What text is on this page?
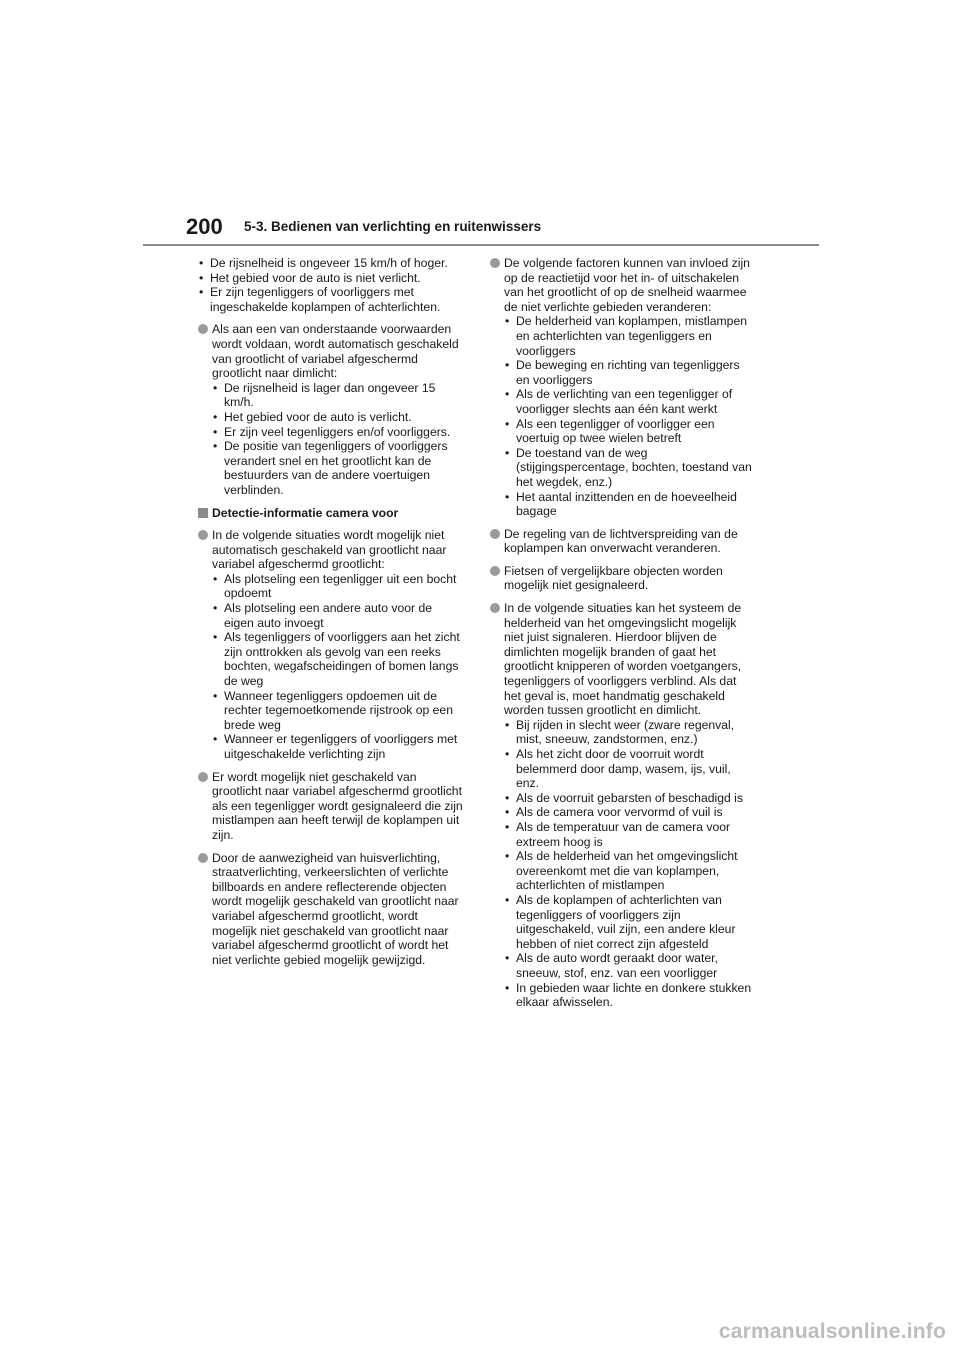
200 5-3. Bedienen van verlichting en ruitenwissers
• De rijsnelheid is ongeveer 15 km/h of hoger.
• Het gebied voor de auto is niet verlicht.
• Er zijn tegenliggers of voorliggers met ingeschakelde koplampen of achterlichten.

Als aan een van onderstaande voorwaarden wordt voldaan, wordt automatisch geschakeld van grootlicht of variabel afgeschermd grootlicht naar dimlicht:

• De rijsnelheid is lager dan ongeveer 15 km/h.
• Het gebied voor de auto is verlicht.
• Er zijn veel tegenliggers en/of voorliggers.
• De positie van tegenliggers of voorliggers verandert snel en het grootlicht kan de bestuurders van de andere voertuigen verblinden.

Detectie-informatie camera voor

In de volgende situaties wordt mogelijk niet automatisch geschakeld van grootlicht naar variabel afgeschermd grootlicht:

• Als plotseling een tegenligger uit een bocht opdoemt
• Als plotseling een andere auto voor de eigen auto invoegt
• Als tegenliggers of voorliggers aan het zicht zijn onttrokken als gevolg van een reeks bochten, wegafscheidingen of bomen langs de weg
• Wanneer tegenliggers opdoemen uit de rechter tegemoetkomende rijstrook op een brede weg
• Wanneer er tegenliggers of voorliggers met uitgeschakelde verlichting zijn

Er wordt mogelijk niet geschakeld van grootlicht naar variabel afgeschermd grootlicht als een tegenligger wordt gesignaleerd die zijn mistlampen aan heeft terwijl de koplampen uit zijn.

Door de aanwezigheid van huisverlichting, straatverlichting, verkeerslichten of verlichte billboards en andere reflecterende objecten wordt mogelijk geschakeld van grootlicht naar variabel afgeschermd grootlicht, wordt mogelijk niet geschakeld van grootlicht naar variabel afgeschermd grootlicht of wordt het niet verlichte gebied mogelijk gewijzigd.

De volgende factoren kunnen van invloed zijn op de reactietijd voor het in- of uitschakelen van het grootlicht of op de snelheid waarmee de niet verlichte gebieden veranderen:

• De helderheid van koplampen, mistlampen en achterlichten van tegenliggers en voorliggers
• De beweging en richting van tegenliggers en voorliggers
• Als de verlichting van een tegenligger of voorligger slechts aan één kant werkt
• Als een tegenligger of voorligger een voertuig op twee wielen betreft
• De toestand van de weg (stijgingspercentage, bochten, toestand van het wegdek, enz.)
• Het aantal inzittenden en de hoeveelheid bagage

De regeling van de lichtverspreiding van de koplampen kan onverwacht veranderen.

Fietsen of vergelijkbare objecten worden mogelijk niet gesignaleerd.

In de volgende situaties kan het systeem de helderheid van het omgevingslicht mogelijk niet juist signaleren. Hierdoor blijven de dimlichten mogelijk branden of gaat het grootlicht knipperen of worden voetgangers, tegenliggers of voorliggers verblind. Als dat het geval is, moet handmatig geschakeld worden tussen grootlicht en dimlicht.

• Bij rijden in slecht weer (zware regenval, mist, sneeuw, zandstormen, enz.)
• Als het zicht door de voorruit wordt belemmerd door damp, wasem, ijs, vuil, enz.
• Als de voorruit gebarsten of beschadigd is
• Als de camera voor vervormd of vuil is
• Als de temperatuur van de camera voor extreem hoog is
• Als de helderheid van het omgevingslicht overeenkomt met die van koplampen, achterlichten of mistlampen
• Als de koplampen of achterlichten van tegenliggers of voorliggers zijn uitgeschakeld, vuil zijn, een andere kleur hebben of niet correct zijn afgesteld
• Als de auto wordt geraakt door water, sneeuw, stof, enz. van een voorligger
• In gebieden waar lichte en donkere stukken elkaar afwisselen.
carmanualsonline.info
